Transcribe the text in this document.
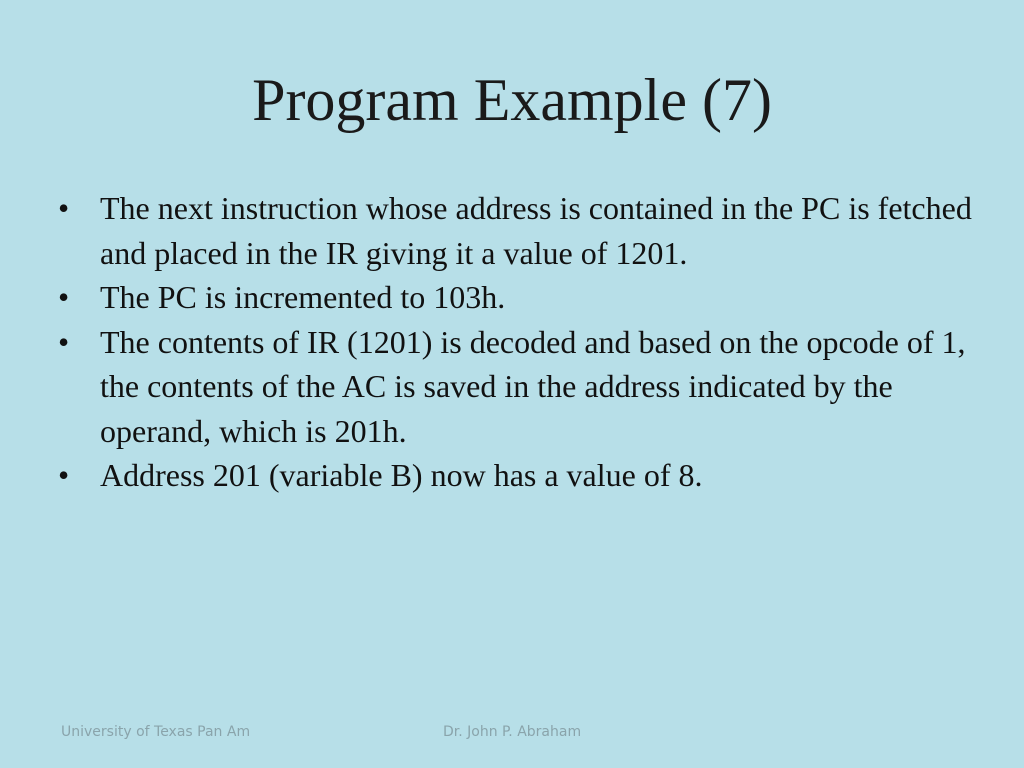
Program Example (7)
• The next instruction whose address is contained in the PC is fetched and placed in the IR giving it a value of 1201.
• The PC is incremented to 103h.
• The contents of IR (1201) is decoded and based on the opcode of 1, the contents of the AC is saved in the address indicated by the operand, which is 201h.
• Address 201 (variable B) now has a value of 8.
University of Texas Pan Am	Dr. John P. Abraham
